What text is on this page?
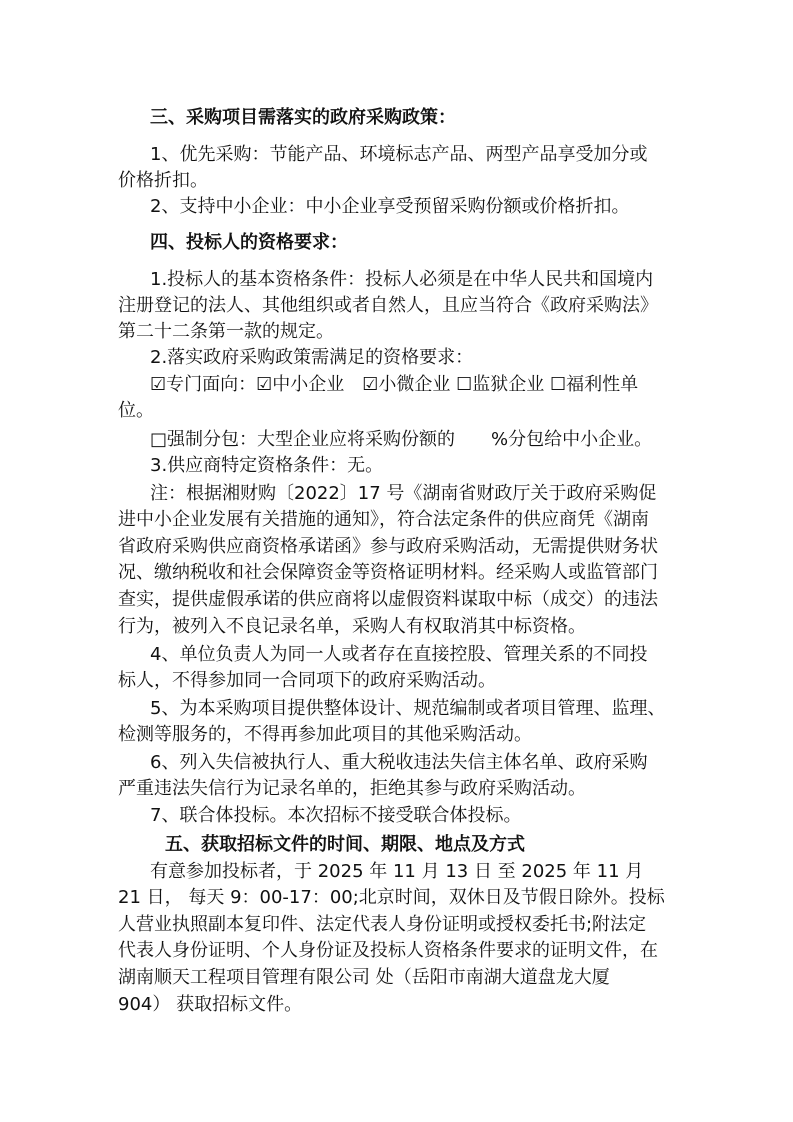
三、采购项目需落实的政府采购政策：
1、优先采购：节能产品、环境标志产品、两型产品享受加分或
价格折扣。
2、支持中小企业：中小企业享受预留采购份额或价格折扣。
四、投标人的资格要求：
1.投标人的基本资格条件：投标人必须是在中华人民共和国境内
注册登记的法人、其他组织或者自然人，且应当符合《政府采购法》
第二十二条第一款的规定。
2.落实政府采购政策需满足的资格要求：
☑专门面向：☑中小企业　☑小微企业 ☐监狱企业 ☐福利性单
位。
□强制分包：大型企业应将采购份额的　　%分包给中小企业。
3.供应商特定资格条件：无。
注：根据湘财购〔2022〕17 号《湖南省财政厅关于政府采购促
进中小企业发展有关措施的通知》，符合法定条件的供应商凭《湖南
省政府采购供应商资格承诺函》参与政府采购活动，无需提供财务状
况、缴纳税收和社会保障资金等资格证明材料。经采购人或监管部门
查实，提供虚假承诺的供应商将以虚假资料谋取中标（成交）的违法
行为，被列入不良记录名单，采购人有权取消其中标资格。
4、单位负责人为同一人或者存在直接控股、管理关系的不同投
标人，不得参加同一合同项下的政府采购活动。
5、为本采购项目提供整体设计、规范编制或者项目管理、监理、
检测等服务的，不得再参加此项目的其他采购活动。
6、列入失信被执行人、重大税收违法失信主体名单、政府采购
严重违法失信行为记录名单的，拒绝其参与政府采购活动。
7、联合体投标。本次招标不接受联合体投标。
五、获取招标文件的时间、期限、地点及方式
有意参加投标者，于 2025 年 11 月 13 日 至 2025 年 11 月
21 日， 每天 9：00-17：00;北京时间，双休日及节假日除外。投标
人营业执照副本复印件、法定代表人身份证明或授权委托书;附法定
代表人身份证明、个人身份证及投标人资格条件要求的证明文件，在
湖南顺天工程项目管理有限公司 处（岳阳市南湖大道盘龙大厦
904） 获取招标文件。
